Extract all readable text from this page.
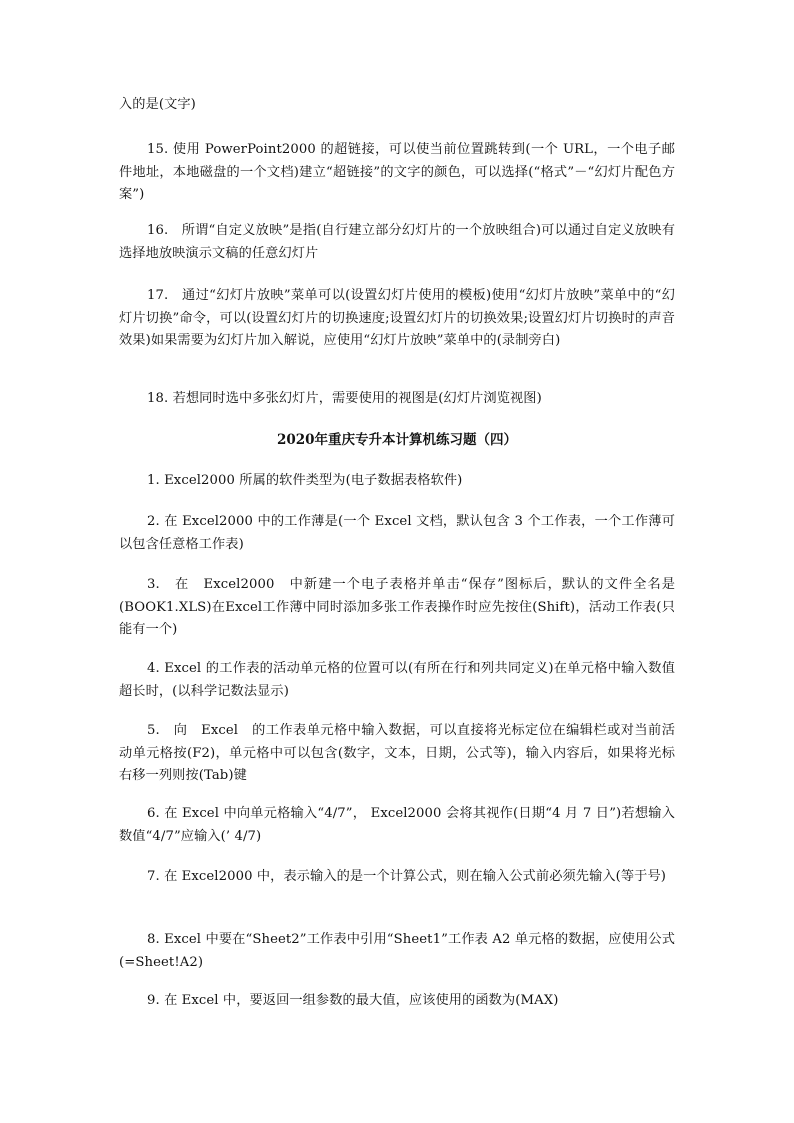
入的是(文字)

15. 使用 PowerPoint2000 的超链接，可以使当前位置跳转到(一个 URL，一个电子邮件地址，本地磁盘的一个文档)建立“超链接”的文字的颜色，可以选择(“格式”－“幻灯片配色方案”)

16.　所谓“自定义放映”是指(自行建立部分幻灯片的一个放映组合)可以通过自定义放映有选择地放映演示文稿的任意幻灯片

17.　通过“幻灯片放映”菜单可以(设置幻灯片使用的模板)使用“幻灯片放映”菜单中的“幻灯片切换”命令，可以(设置幻灯片的切换速度;设置幻灯片的切换效果;设置幻灯片切换时的声音效果)如果需要为幻灯片加入解说，应使用“幻灯片放映”菜单中的(录制旁白)

18. 若想同时选中多张幻灯片，需要使用的视图是(幻灯片浏览视图)

2020年重庆专升本计算机练习题（四）

1. Excel2000 所属的软件类型为(电子数据表格软件)

2. 在 Excel2000 中的工作薄是(一个 Excel 文档，默认包含 3 个工作表，一个工作薄可以包含任意格工作表)

3.　在　Excel2000　中新建一个电子表格并单击“保存”图标后，默认的文件全名是(BOOK1.XLS)在Excel工作薄中同时添加多张工作表操作时应先按住(Shift)，活动工作表(只能有一个)

4. Excel 的工作表的活动单元格的位置可以(有所在行和列共同定义)在单元格中输入数值超长时，(以科学记数法显示)

5.　向　Excel　的工作表单元格中输入数据，可以直接将光标定位在编辑栏或对当前活动单元格按(F2)，单元格中可以包含(数字，文本，日期，公式等)，输入内容后，如果将光标右移一列则按(Tab)键

6. 在 Excel 中向单元格输入“4/7”， Excel2000 会将其视作(日期“4 月 7 日”)若想输入数值“4/7”应输入(’ 4/7)

7. 在 Excel2000 中，表示输入的是一个计算公式，则在输入公式前必须先输入(等于号)

8. Excel 中要在“Sheet2”工作表中引用“Sheet1”工作表 A2 单元格的数据，应使用公式(=Sheet!A2)

9. 在 Excel 中，要返回一组参数的最大值，应该使用的函数为(MAX)
